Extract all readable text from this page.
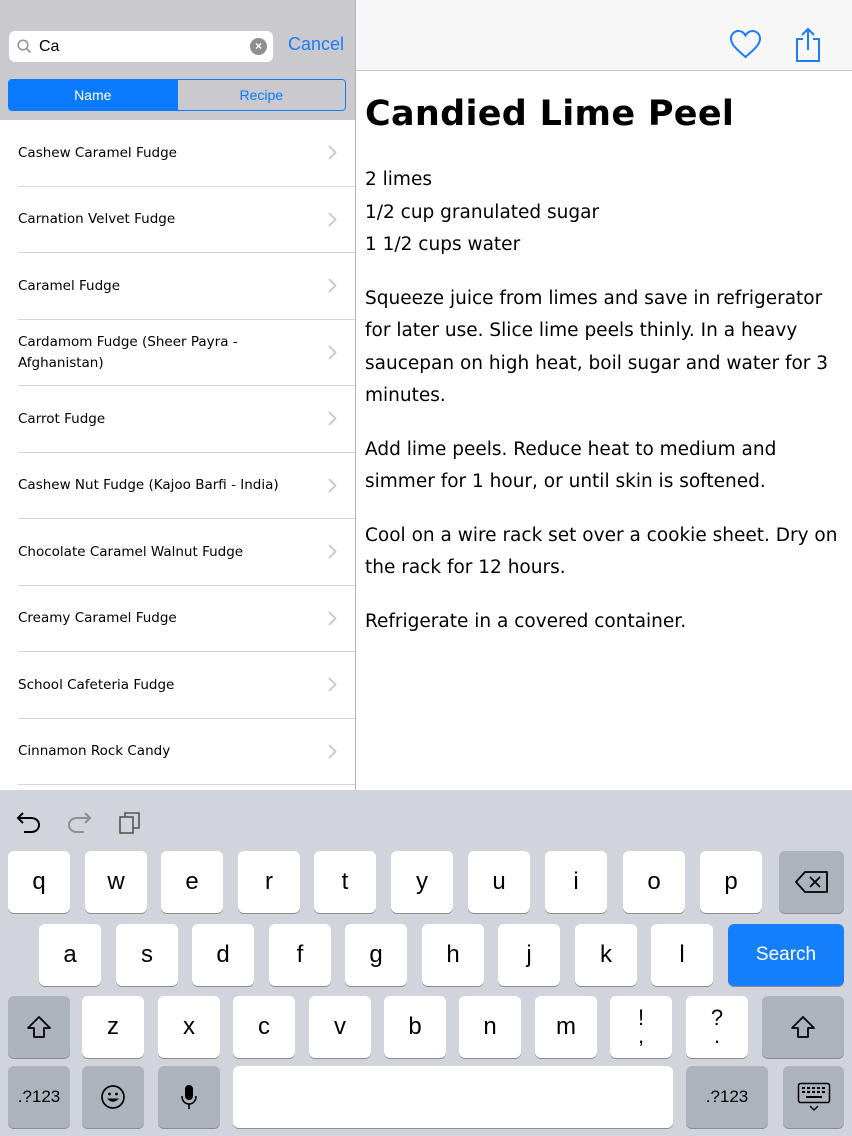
Ca
× Cancel
Name	Recipe
Cashew Caramel Fudge
Carnation Velvet Fudge
Caramel Fudge
Cardamom Fudge (Sheer Payra - Afghanistan)
Carrot Fudge
Cashew Nut Fudge (Kajoo Barfi - India)
Chocolate Caramel Walnut Fudge
Creamy Caramel Fudge
School Cafeteria Fudge
Cinnamon Rock Candy
Candied Lime Peel
2 limes
1/2 cup granulated sugar
1 1/2 cups water

Squeeze juice from limes and save in refrigerator for later use. Slice lime peels thinly. In a heavy saucepan on high heat, boil sugar and water for 3 minutes.

Add lime peels. Reduce heat to medium and simmer for 1 hour, or until skin is softened.

Cool on a wire rack set over a cookie sheet. Dry on the rack for 12 hours.

Refrigerate in a covered container.

q	w	e	r	t	y	u	i	o	p
a	s	d	f	g	h	j	k	l	Search
z	x	c	v	b	n	m	!
,
?
.
.?123	.?123
